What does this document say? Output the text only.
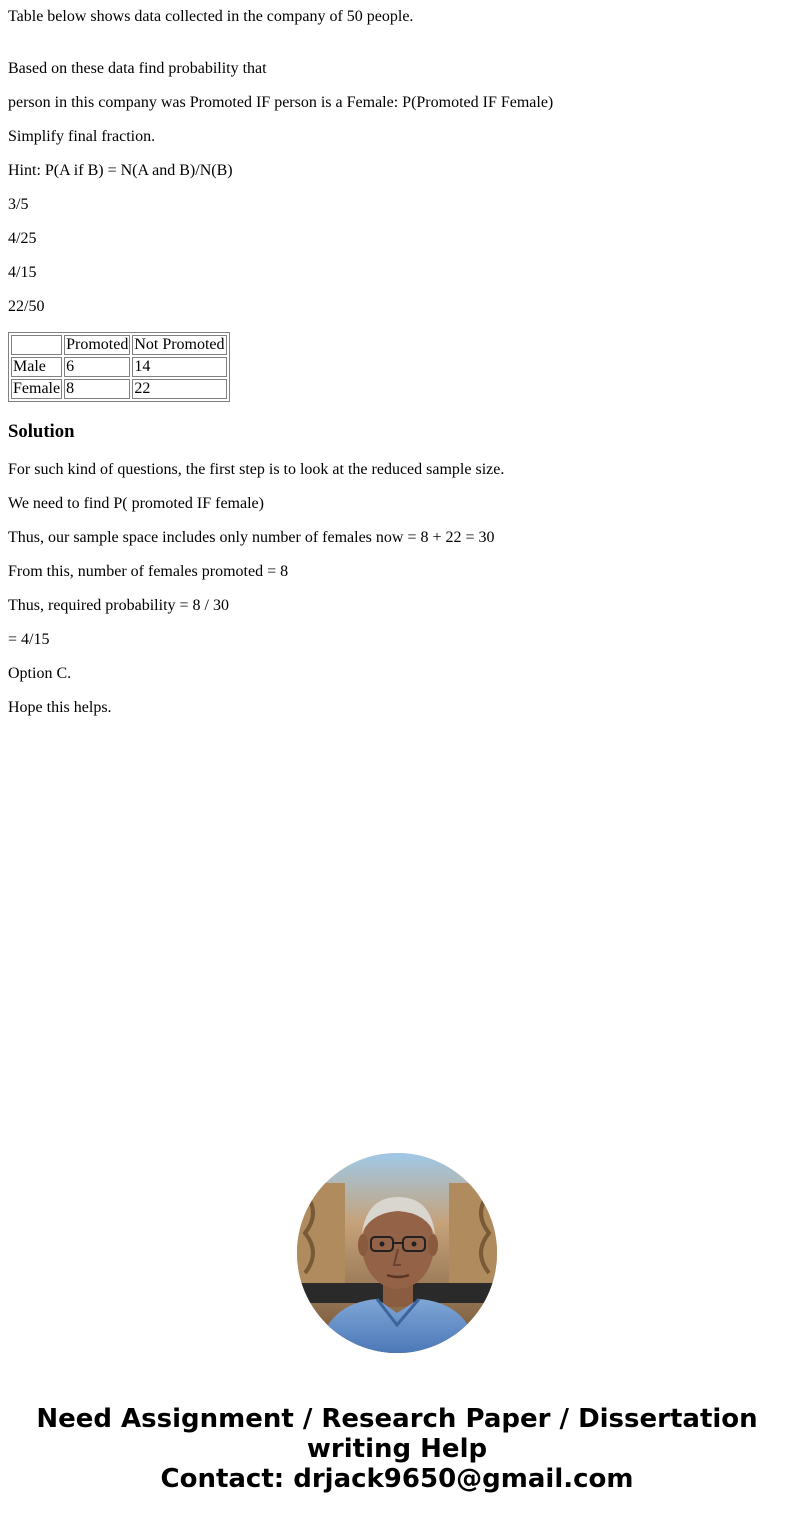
Table below shows data collected in the company of 50 people.

Based on these data find probability that

person in this company was Promoted IF person is a Female: P(Promoted IF Female)

Simplify final fraction.

Hint: P(A if B) = N(A and B)/N(B)

3/5

4/25

4/15

22/50

	Promoted	Not Promoted
Male	6	14
Female	8	22
Solution

For such kind of questions, the first step is to look at the reduced sample size.

We need to find P( promoted IF female)

Thus, our sample space includes only number of females now = 8 + 22 = 30

From this, number of females promoted = 8

Thus, required probability = 8 / 30

= 4/15

Option C.

Hope this helps.

Need Assignment / Research Paper / Dissertation
writing Help
Contact: drjack9650@gmail.com
